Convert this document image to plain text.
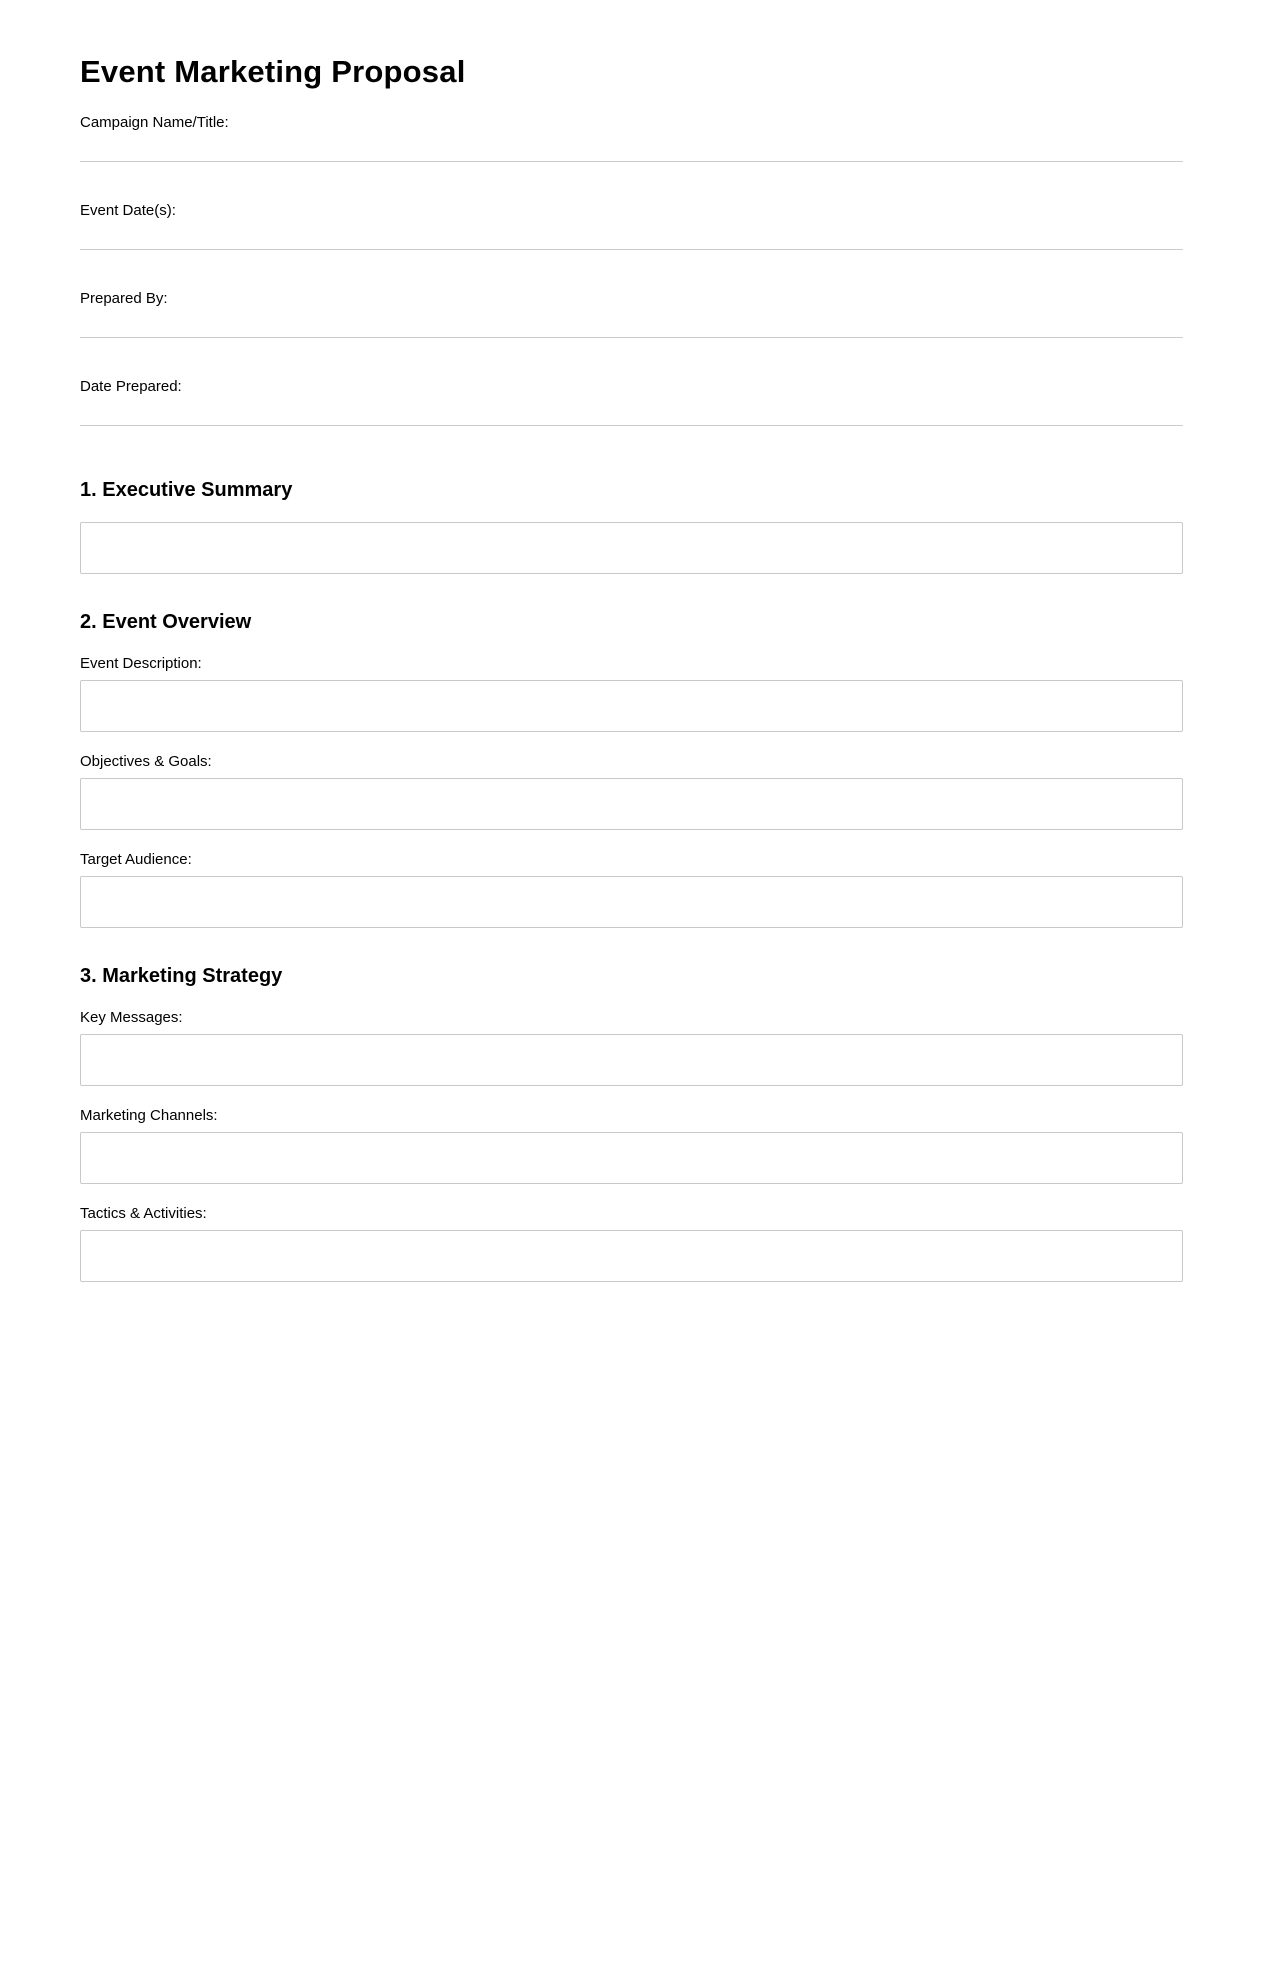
Event Marketing Proposal
Campaign Name/Title:
Event Date(s):
Prepared By:
Date Prepared:
1. Executive Summary
2. Event Overview
Event Description:
Objectives & Goals:
Target Audience:
3. Marketing Strategy
Key Messages:
Marketing Channels:
Tactics & Activities:
